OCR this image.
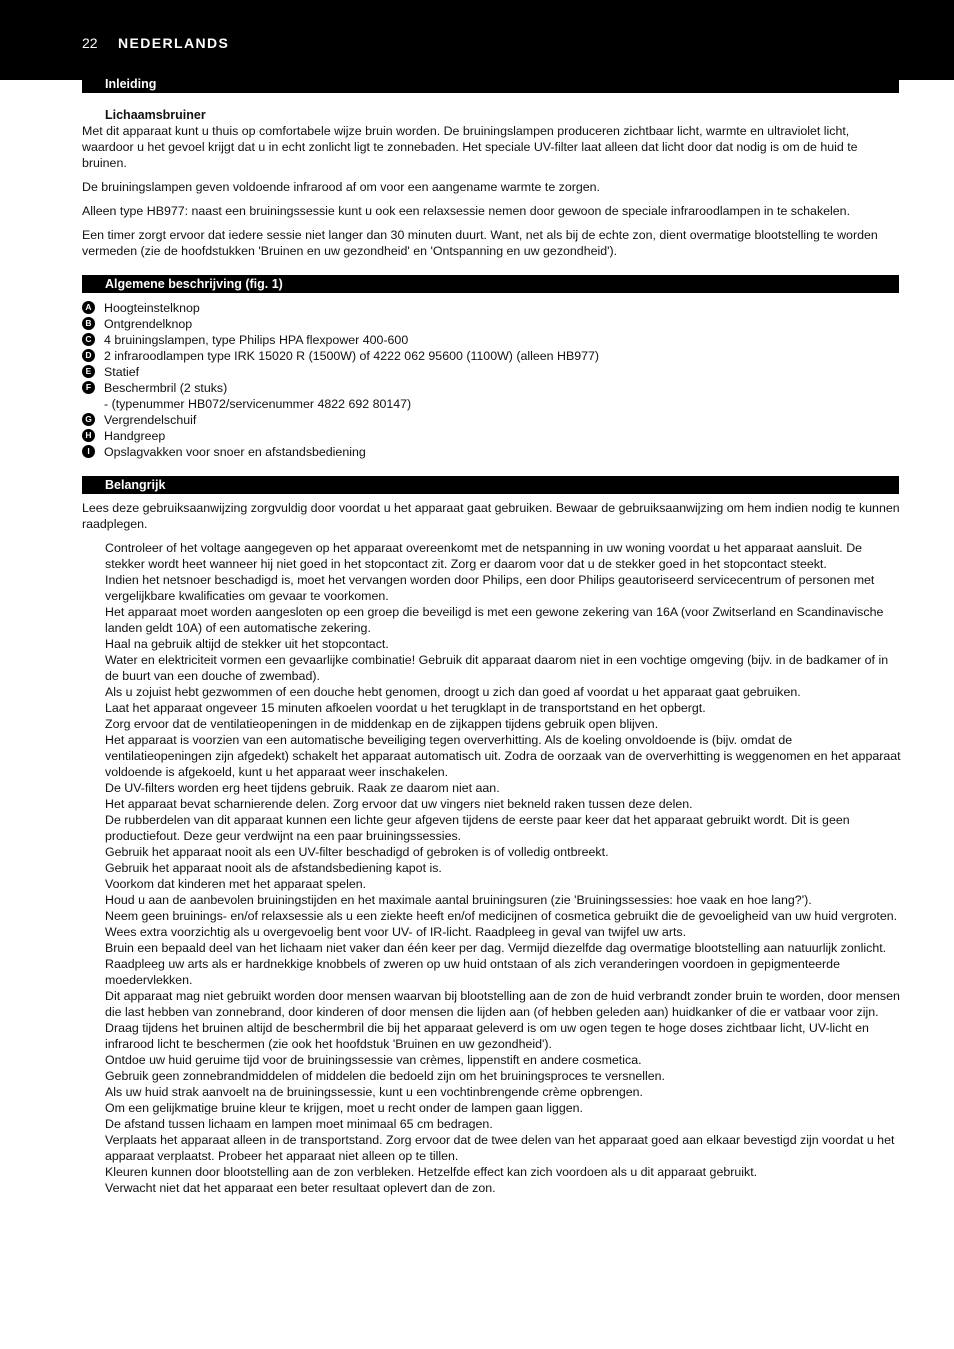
22 NEDERLANDS
Inleiding
Lichaamsbruiner

Met dit apparaat kunt u thuis op comfortabele wijze bruin worden. De bruiningslampen produceren zichtbaar licht, warmte en ultraviolet licht, waardoor u het gevoel krijgt dat u in echt zonlicht ligt te zonnebaden. Het speciale UV-filter laat alleen dat licht door dat nodig is om de huid te bruinen.

De bruiningslampen geven voldoende infrarood af om voor een aangename warmte te zorgen.

Alleen type HB977: naast een bruiningssessie kunt u ook een relaxsessie nemen door gewoon de speciale infraroodlampen in te schakelen.

Een timer zorgt ervoor dat iedere sessie niet langer dan 30 minuten duurt. Want, net als bij de echte zon, dient overmatige blootstelling te worden vermeden (zie de hoofdstukken 'Bruinen en uw gezondheid' en 'Ontspanning en uw gezondheid').

Algemene beschrijving (fig. 1)
A Hoogteinstelknop
B Ontgrendelknop
C 4 bruiningslampen, type Philips HPA flexpower 400-600
D 2 infraroodlampen type IRK 15020 R (1500W) of 4222 062 95600 (1100W) (alleen HB977)
E Statief
F	Beschermbril (2 stuks)
- (typenummer HB072/servicenummer 4822 692 80147)
G Vergrendelschuif
H Handgreep
I	Opslagvakken voor snoer en afstandsbediening
Belangrijk

Lees deze gebruiksaanwijzing zorgvuldig door voordat u het apparaat gaat gebruiken. Bewaar de gebruiksaanwijzing om hem indien nodig te kunnen raadplegen.

Controleer of het voltage aangegeven op het apparaat overeenkomt met de netspanning in uw woning voordat u het apparaat aansluit. De stekker wordt heet wanneer hij niet goed in het stopcontact zit. Zorg er daarom voor dat u de stekker goed in het stopcontact steekt.
Indien het netsnoer beschadigd is, moet het vervangen worden door Philips, een door Philips geautoriseerd servicecentrum of personen met vergelijkbare kwalificaties om gevaar te voorkomen.
Het apparaat moet worden aangesloten op een groep die beveiligd is met een gewone zekering van 16A (voor Zwitserland en Scandinavische landen geldt 10A) of een automatische zekering.
Haal na gebruik altijd de stekker uit het stopcontact.
Water en elektriciteit vormen een gevaarlijke combinatie! Gebruik dit apparaat daarom niet in een vochtige omgeving (bijv. in de badkamer of in de buurt van een douche of zwembad).
Als u zojuist hebt gezwommen of een douche hebt genomen, droogt u zich dan goed af voordat u het apparaat gaat gebruiken.
Laat het apparaat ongeveer 15 minuten afkoelen voordat u het terugklapt in de transportstand en het opbergt.
Zorg ervoor dat de ventilatieopeningen in de middenkap en de zijkappen tijdens gebruik open blijven.
Het apparaat is voorzien van een automatische beveiliging tegen oververhitting. Als de koeling onvoldoende is (bijv. omdat de ventilatieopeningen zijn afgedekt) schakelt het apparaat automatisch uit. Zodra de oorzaak van de oververhitting is weggenomen en het apparaat voldoende is afgekoeld, kunt u het apparaat weer inschakelen.
De UV-filters worden erg heet tijdens gebruik. Raak ze daarom niet aan.
Het apparaat bevat scharnierende delen. Zorg ervoor dat uw vingers niet bekneld raken tussen deze delen.
De rubberdelen van dit apparaat kunnen een lichte geur afgeven tijdens de eerste paar keer dat het apparaat gebruikt wordt. Dit is geen productiefout. Deze geur verdwijnt na een paar bruiningssessies.
Gebruik het apparaat nooit als een UV-filter beschadigd of gebroken is of volledig ontbreekt.
Gebruik het apparaat nooit als de afstandsbediening kapot is.
Voorkom dat kinderen met het apparaat spelen.
Houd u aan de aanbevolen bruiningstijden en het maximale aantal bruiningsuren (zie 'Bruiningssessies: hoe vaak en hoe lang?').
Neem geen bruinings- en/of relaxsessie als u een ziekte heeft en/of medicijnen of cosmetica gebruikt die de gevoeligheid van uw huid vergroten. Wees extra voorzichtig als u overgevoelig bent voor UV- of IR-licht. Raadpleeg in geval van twijfel uw arts.
Bruin een bepaald deel van het lichaam niet vaker dan één keer per dag. Vermijd diezelfde dag overmatige blootstelling aan natuurlijk zonlicht.
Raadpleeg uw arts als er hardnekkige knobbels of zweren op uw huid ontstaan of als zich veranderingen voordoen in gepigmenteerde moedervlekken.
Dit apparaat mag niet gebruikt worden door mensen waarvan bij blootstelling aan de zon de huid verbrandt zonder bruin te worden, door mensen die last hebben van zonnebrand, door kinderen of door mensen die lijden aan (of hebben geleden aan) huidkanker of die er vatbaar voor zijn.
Draag tijdens het bruinen altijd de beschermbril die bij het apparaat geleverd is om uw ogen tegen te hoge doses zichtbaar licht, UV-licht en infrarood licht te beschermen (zie ook het hoofdstuk 'Bruinen en uw gezondheid').
Ontdoe uw huid geruime tijd voor de bruiningssessie van crèmes, lippenstift en andere cosmetica.
Gebruik geen zonnebrandmiddelen of middelen die bedoeld zijn om het bruiningsproces te versnellen.
Als uw huid strak aanvoelt na de bruiningssessie, kunt u een vochtinbrengende crème opbrengen.
Om een gelijkmatige bruine kleur te krijgen, moet u recht onder de lampen gaan liggen.
De afstand tussen lichaam en lampen moet minimaal 65 cm bedragen.
Verplaats het apparaat alleen in de transportstand. Zorg ervoor dat de twee delen van het apparaat goed aan elkaar bevestigd zijn voordat u het apparaat verplaatst. Probeer het apparaat niet alleen op te tillen.
Kleuren kunnen door blootstelling aan de zon verbleken. Hetzelfde effect kan zich voordoen als u dit apparaat gebruikt.
Verwacht niet dat het apparaat een beter resultaat oplevert dan de zon.
